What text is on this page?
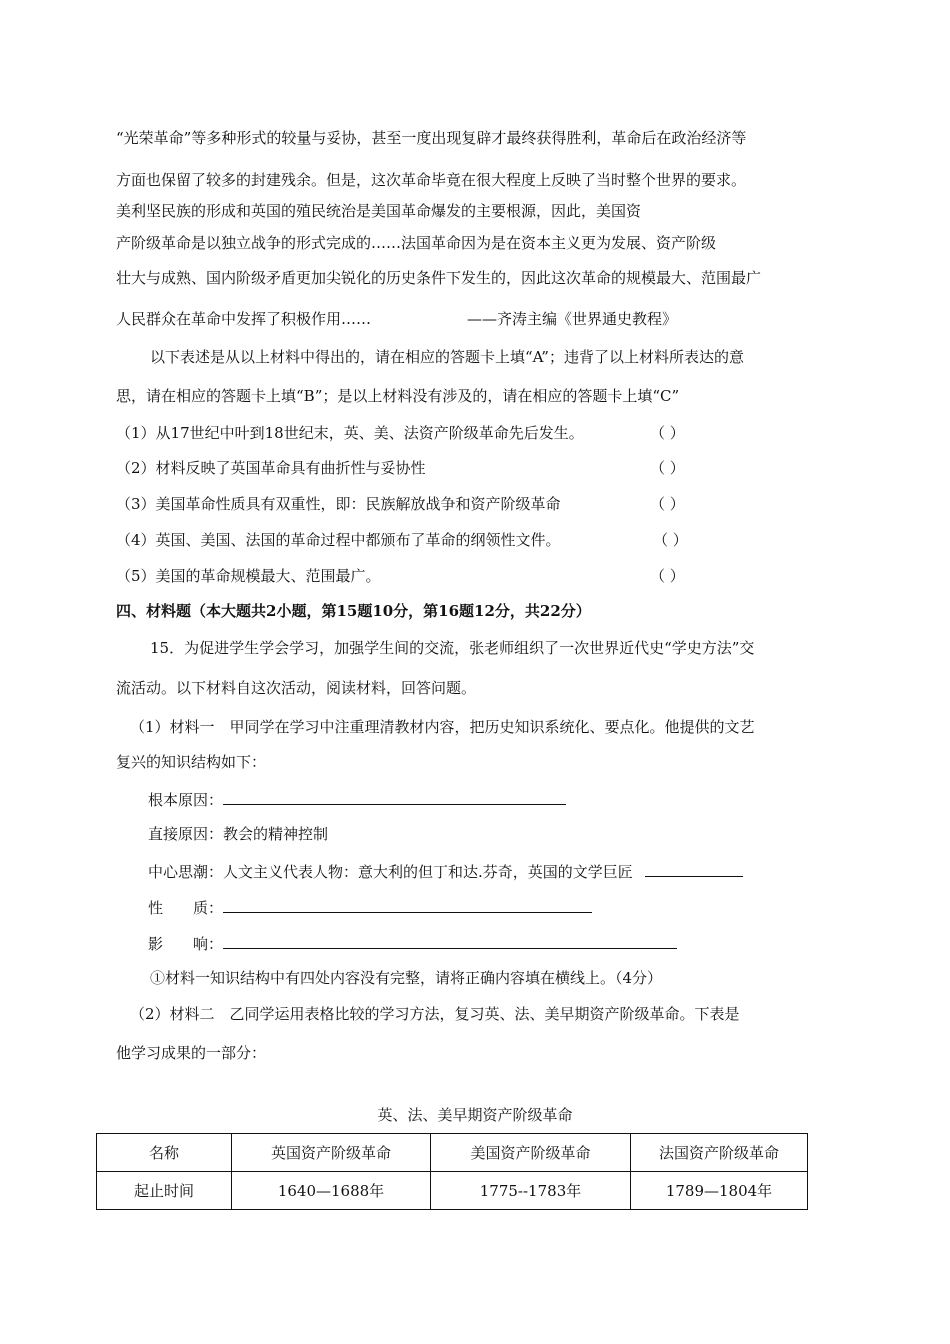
“光荣革命”等多种形式的较量与妥协，甚至一度出现复辟才最终获得胜利，革命后在政治经济等
方面也保留了较多的封建残余。但是，这次革命毕竟在很大程度上反映了当时整个世界的要求。
美利坚民族的形成和英国的殖民统治是美国革命爆发的主要根源，因此，美国资
产阶级革命是以独立战争的形式完成的……法国革命因为是在资本主义更为发展、资产阶级
壮大与成熟、国内阶级矛盾更加尖锐化的历史条件下发生的，因此这次革命的规模最大、范围最广
人民群众在革命中发挥了积极作用……	——齐涛主编《世界通史教程》
以下表述是从以上材料中得出的，请在相应的答题卡上填“A”；违背了以上材料所表达的意
思，请在相应的答题卡上填“B”；是以上材料没有涉及的，请在相应的答题卡上填“C”
（1）从17世纪中叶到18世纪末，英、美、法资产阶级革命先后发生。	（ ）
（2）材料反映了英国革命具有曲折性与妥协性	（ ）
（3）美国革命性质具有双重性，即：民族解放战争和资产阶级革命	（ ）
（4）英国、美国、法国的革命过程中都颁布了革命的纲领性文件。	（ ）
（5）美国的革命规模最大、范围最广。	（ ）
四、材料题（本大题共2小题，第15题10分，第16题12分，共22分）
15．为促进学生学会学习，加强学生间的交流，张老师组织了一次世界近代史“学史方法”交
流活动。以下材料自这次活动，阅读材料，回答问题。
（1）材料一　甲同学在学习中注重理清教材内容，把历史知识系统化、要点化。他提供的文艺
复兴的知识结构如下：
根本原因：
直接原因：教会的精神控制
中心思潮：人文主义代表人物：意大利的但丁和达.芬奇，英国的文学巨匠
性　　质：
影　　响：
①材料一知识结构中有四处内容没有完整，请将正确内容填在横线上。（4分）
（2）材料二　乙同学运用表格比较的学习方法，复习英、法、美早期资产阶级革命。下表是
他学习成果的一部分：
英、法、美早期资产阶级革命
名称	英国资产阶级革命	美国资产阶级革命	法国资产阶级革命
起止时间	1640—1688年	1775--1783年	1789—1804年
